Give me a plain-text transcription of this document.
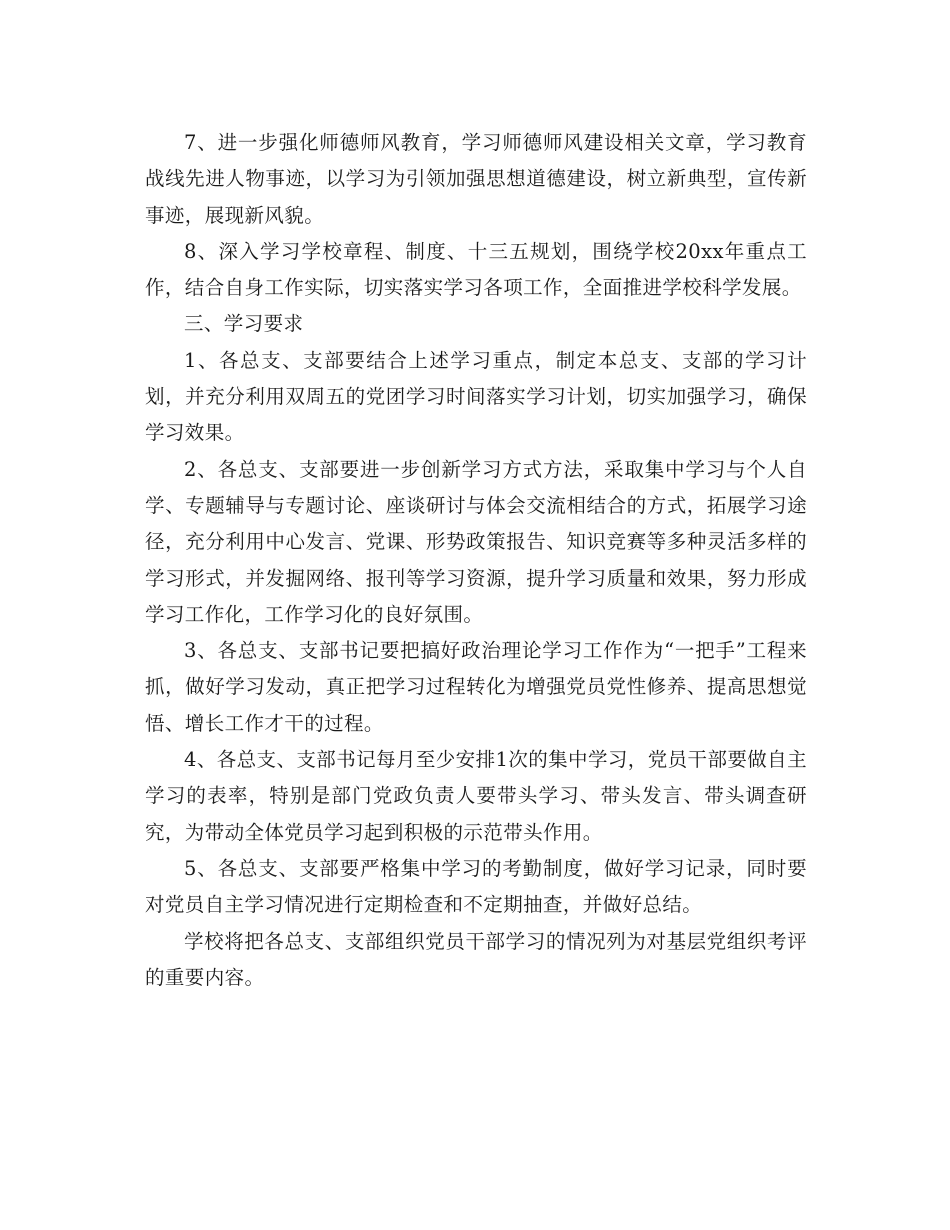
7、进一步强化师德师风教育，学习师德师风建设相关文章，学习教育战线先进人物事迹，以学习为引领加强思想道德建设，树立新典型，宣传新事迹，展现新风貌。

8、深入学习学校章程、制度、十三五规划，围绕学校20xx年重点工作，结合自身工作实际，切实落实学习各项工作，全面推进学校科学发展。

三、学习要求

1、各总支、支部要结合上述学习重点，制定本总支、支部的学习计划，并充分利用双周五的党团学习时间落实学习计划，切实加强学习，确保学习效果。

2、各总支、支部要进一步创新学习方式方法，采取集中学习与个人自学、专题辅导与专题讨论、座谈研讨与体会交流相结合的方式，拓展学习途径，充分利用中心发言、党课、形势政策报告、知识竞赛等多种灵活多样的学习形式，并发掘网络、报刊等学习资源，提升学习质量和效果，努力形成学习工作化，工作学习化的良好氛围。

3、各总支、支部书记要把搞好政治理论学习工作作为“一把手”工程来抓，做好学习发动，真正把学习过程转化为增强党员党性修养、提高思想觉悟、增长工作才干的过程。

4、各总支、支部书记每月至少安排1次的集中学习，党员干部要做自主学习的表率，特别是部门党政负责人要带头学习、带头发言、带头调查研究，为带动全体党员学习起到积极的示范带头作用。

5、各总支、支部要严格集中学习的考勤制度，做好学习记录，同时要对党员自主学习情况进行定期检查和不定期抽查，并做好总结。

学校将把各总支、支部组织党员干部学习的情况列为对基层党组织考评的重要内容。
